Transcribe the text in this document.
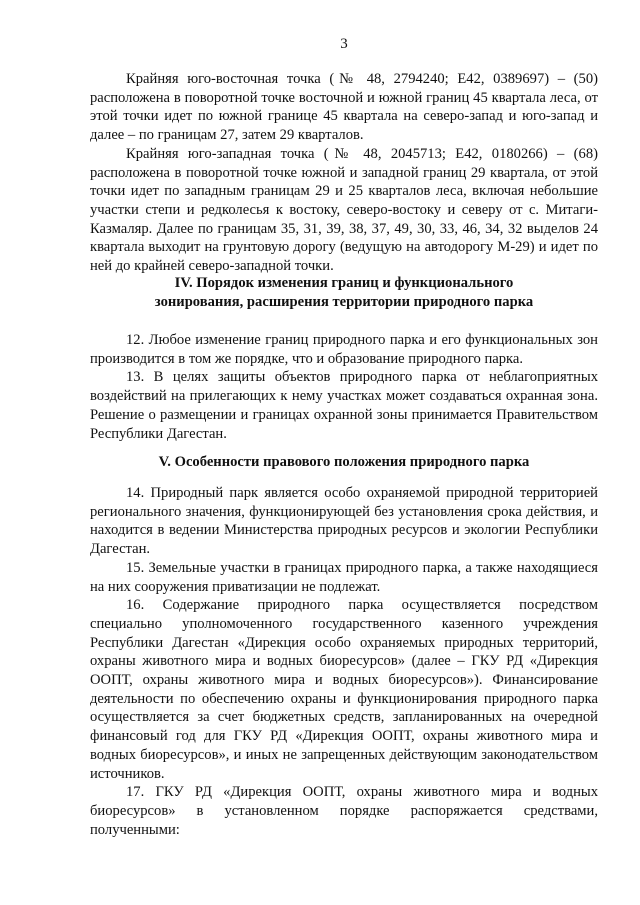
3

Крайняя юго-восточная точка (№ 48, 2794240; E42, 0389697) – (50) расположена в поворотной точке восточной и южной границ 45 квартала леса, от этой точки идет по южной границе 45 квартала на северо-запад и юго-запад и далее – по границам 27, затем 29 кварталов.

Крайняя юго-западная точка (№ 48, 2045713; E42, 0180266) – (68) расположена в поворотной точке южной и западной границ 29 квартала, от этой точки идет по западным границам 29 и 25 кварталов леса, включая небольшие участки степи и редколесья к востоку, северо-востоку и северу от с. Митаги-Казмаляр. Далее по границам 35, 31, 39, 38, 37, 49, 30, 33, 46, 34, 32 выделов 24 квартала выходит на грунтовую дорогу (ведущую на автодорогу М-29) и идет по ней до крайней северо-западной точки.

IV. Порядок изменения границ и функционального

зонирования, расширения территории природного парка

12. Любое изменение границ природного парка и его функциональных зон производится в том же порядке, что и образование природного парка.

13. В целях защиты объектов природного парка от неблагоприятных воздействий на прилегающих к нему участках может создаваться охранная зона. Решение о размещении и границах охранной зоны принимается Правительством Республики Дагестан.

V. Особенности правового положения природного парка

14. Природный парк является особо охраняемой природной территорией регионального значения, функционирующей без установления срока действия, и находится в ведении Министерства природных ресурсов и экологии Республики Дагестан.

15. Земельные участки в границах природного парка, а также находящиеся на них сооружения приватизации не подлежат.

16. Содержание природного парка осуществляется посредством специально уполномоченного государственного казенного учреждения Республики Дагестан «Дирекция особо охраняемых природных территорий, охраны животного мира и водных биоресурсов» (далее – ГКУ РД «Дирекция ООПТ, охраны животного мира и водных биоресурсов»). Финансирование деятельности по обеспечению охраны и функционирования природного парка осуществляется за счет бюджетных средств, запланированных на очередной финансовый год для ГКУ РД «Дирекция ООПТ, охраны животного мира и водных биоресурсов», и иных не запрещенных действующим законодательством источников.

17. ГКУ РД «Дирекция ООПТ, охраны животного мира и водных биоресурсов» в установленном порядке распоряжается средствами, полученными:
